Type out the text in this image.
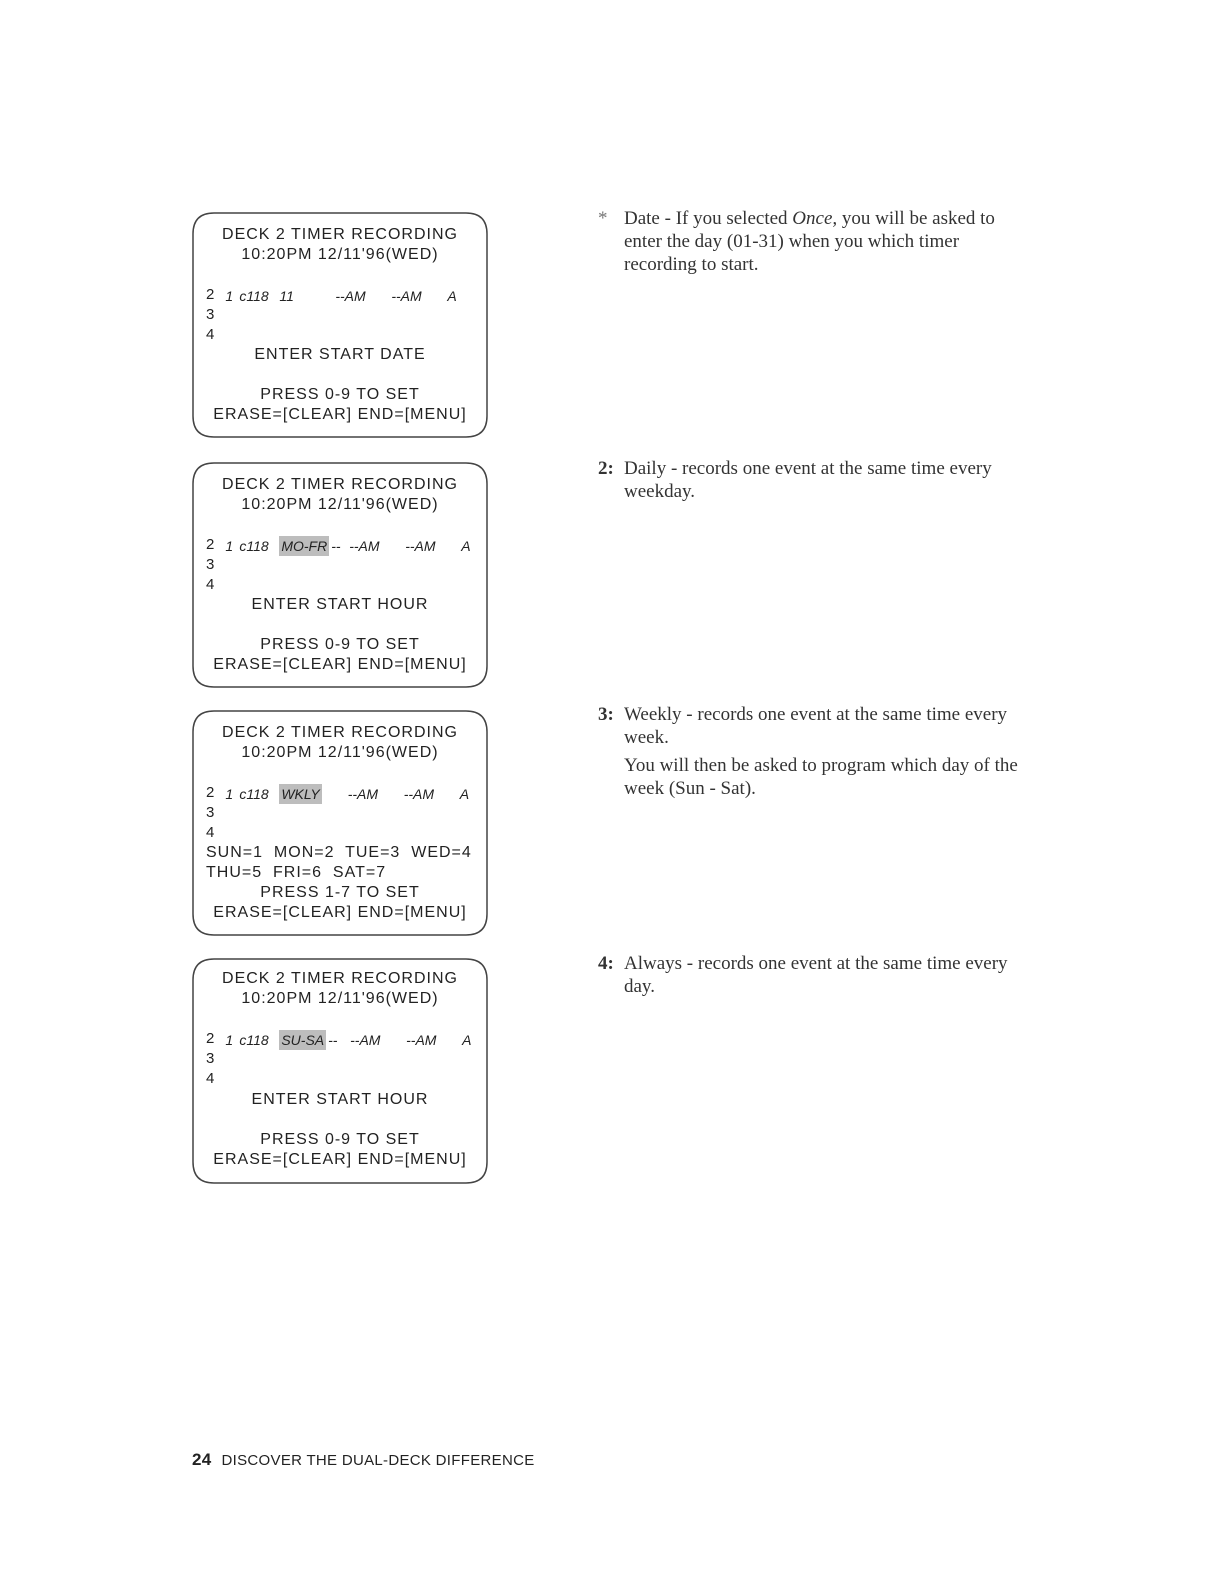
DECK 2 TIMER RECORDING
10:20PM 12/11'96(WED)

1 c118 11	--AM --AM A

2
3
4
ENTER START DATE
PRESS 0-9 TO SET
ERASE=[CLEAR] END=[MENU]
DECK 2 TIMER RECORDING
10:20PM 12/11'96(WED)

1 c118 MO-FR -- --AM --AM A

2
3
4
ENTER START HOUR
PRESS 0-9 TO SET
ERASE=[CLEAR] END=[MENU]
DECK 2 TIMER RECORDING
10:20PM 12/11'96(WED)

1 c118 WKLY --AM --AM A

2
3
4
SUN=1  MON=2  TUE=3  WED=4
THU=5  FRI=6  SAT=7
PRESS 1-7 TO SET
ERASE=[CLEAR] END=[MENU]
DECK 2 TIMER RECORDING
10:20PM 12/11'96(WED)

1 c118 SU-SA -- --AM --AM A

2
3
4
ENTER START HOUR
PRESS 0-9 TO SET
ERASE=[CLEAR] END=[MENU]
* Date - If you selected Once, you will be asked to enter the day (01-31) when you which timer recording to start.

2: Daily - records one event at the same time every weekday.

3: Weekly - records one event at the same time every week.

You will then be asked to program which day of the week (Sun - Sat).

4: Always - records one event at the same time every day.

24 DISCOVER THE DUAL-DECK DIFFERENCE
